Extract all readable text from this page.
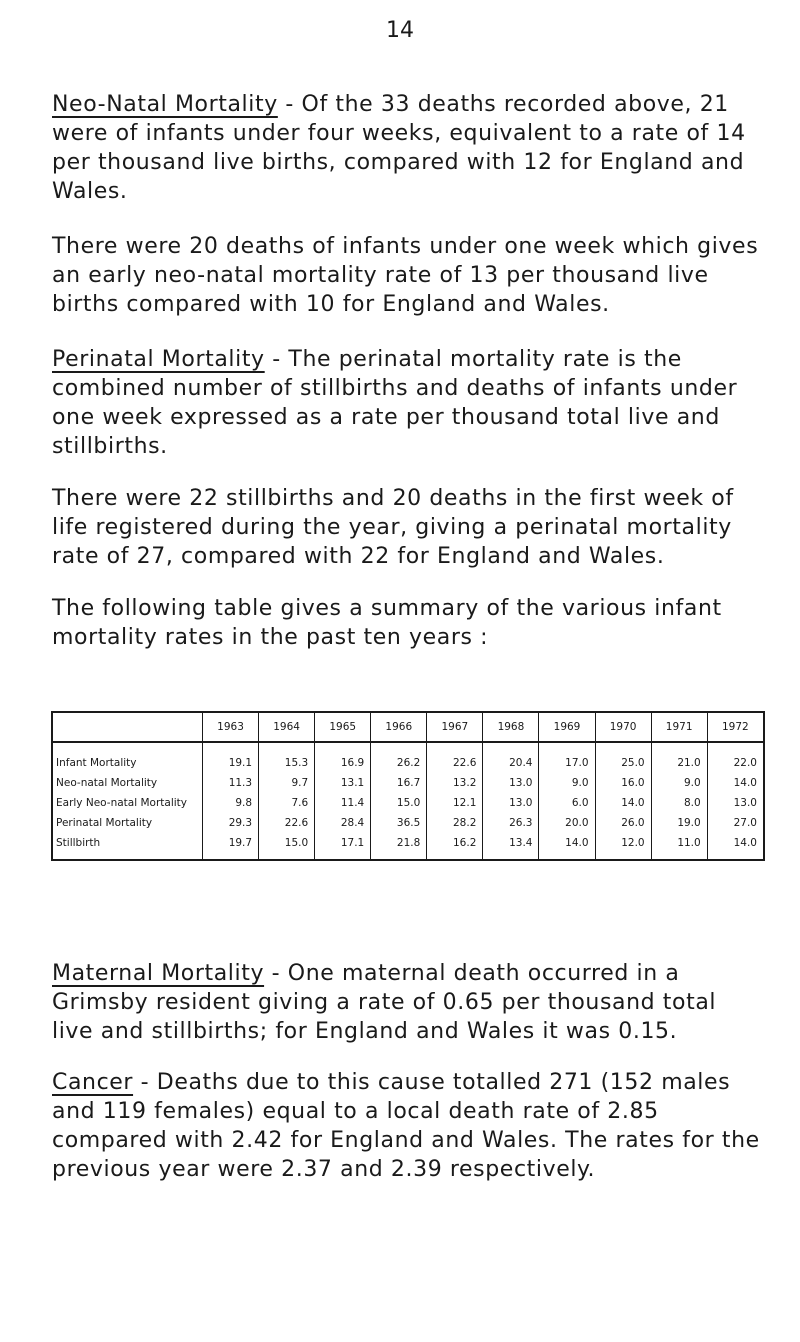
14

Neo-Natal Mortality - Of the 33 deaths recorded above, 21 were of infants under four weeks, equivalent to a rate of 14 per thousand live births, compared with 12 for England and Wales.

There were 20 deaths of infants under one week which gives an early neo-natal mortality rate of 13 per thousand live births compared with 10 for England and Wales.

Perinatal Mortality - The perinatal mortality rate is the combined number of stillbirths and deaths of infants under one week expressed as a rate per thousand total live and stillbirths.

There were 22 stillbirths and 20 deaths in the first week of life registered during the year, giving a perinatal mortality rate of 27, compared with 22 for England and Wales.

The following table gives a summary of the various infant mortality rates in the past ten years :

	1963	1964	1965	1966	1967	1968	1969	1970	1971	1972
Infant Mortality	19.1	15.3	16.9	26.2	22.6	20.4	17.0	25.0	21.0	22.0
Neo-natal Mortality	11.3	9.7	13.1	16.7	13.2	13.0	9.0	16.0	9.0	14.0
Early Neo-natal Mortality	9.8	7.6	11.4	15.0	12.1	13.0	6.0	14.0	8.0	13.0
Perinatal Mortality	29.3	22.6	28.4	36.5	28.2	26.3	20.0	26.0	19.0	27.0
Stillbirth	19.7	15.0	17.1	21.8	16.2	13.4	14.0	12.0	11.0	14.0

Maternal Mortality - One maternal death occurred in a Grimsby resident giving a rate of 0.65 per thousand total live and stillbirths; for England and Wales it was 0.15.

Cancer - Deaths due to this cause totalled 271 (152 males and 119 females) equal to a local death rate of 2.85 compared with 2.42 for England and Wales. The rates for the previous year were 2.37 and 2.39 respectively.
